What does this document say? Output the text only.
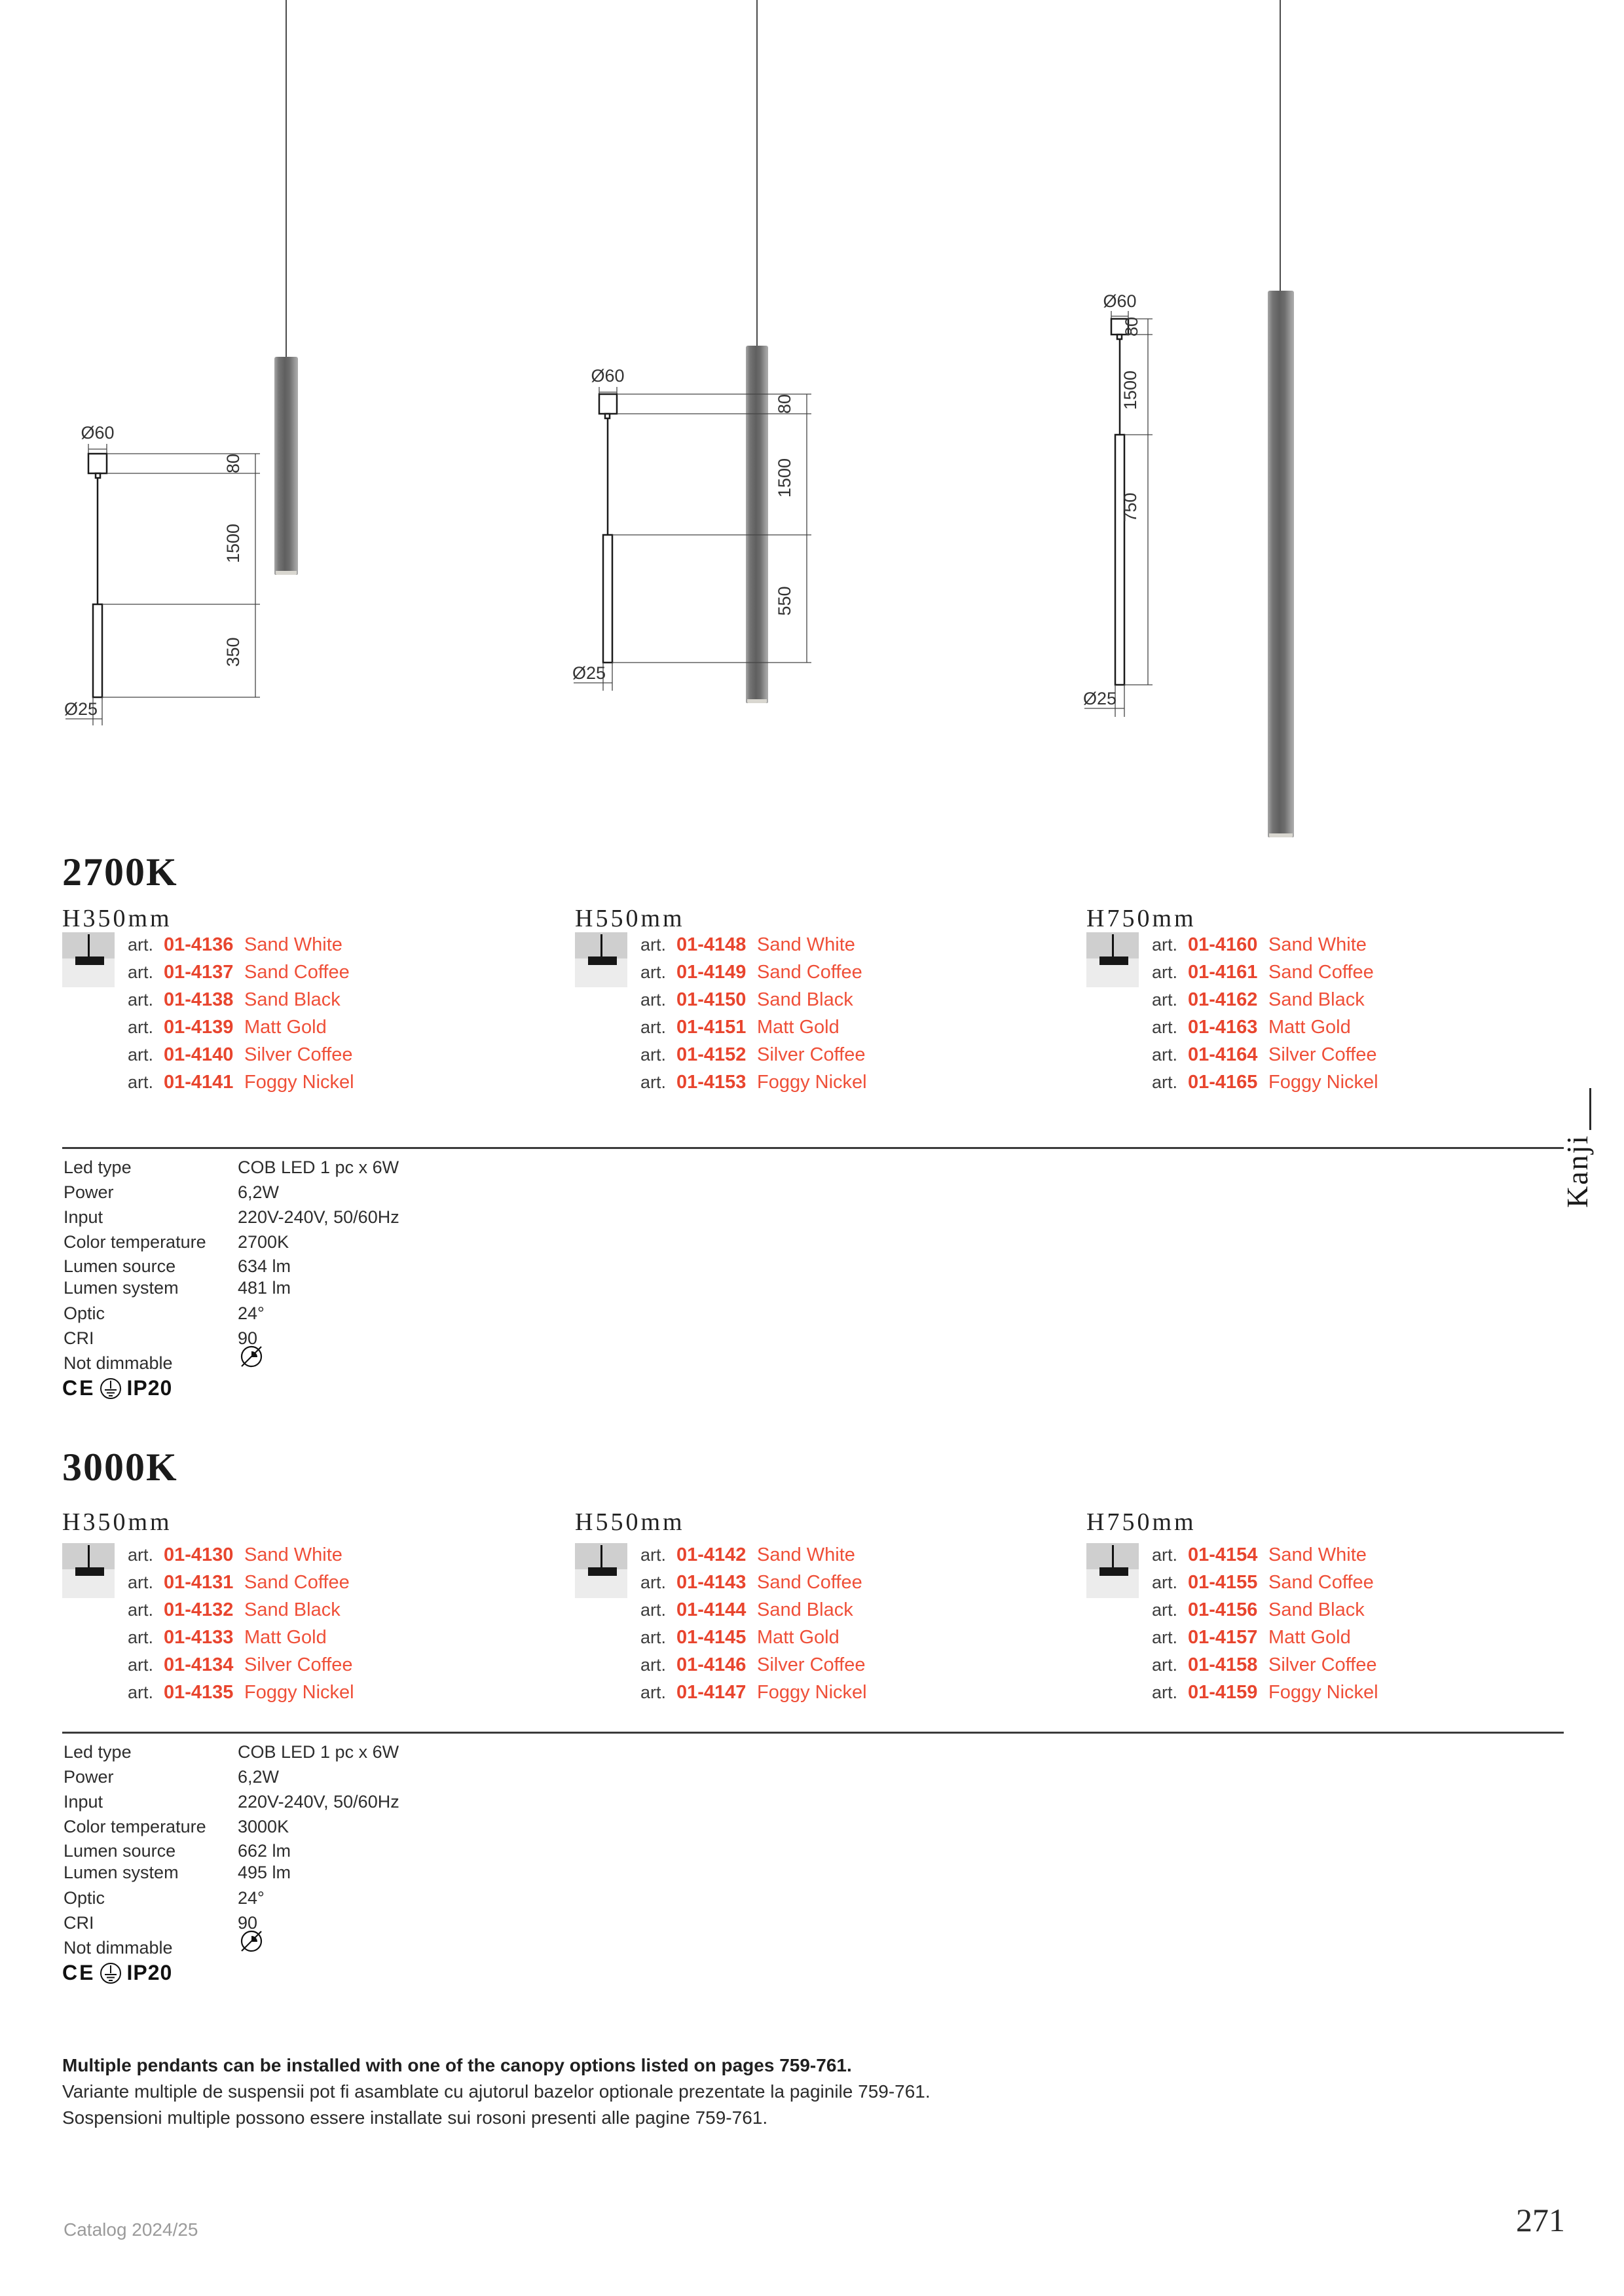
Ø60
80
1500
350
Ø25
Ø60
80
1500
550
Ø25
Ø60
80
1500
750
Ø25
2700K
H350mm	H550mm	H750mm
art. 01-4136 Sand White
art. 01-4137 Sand Coffee
art. 01-4138 Sand Black
art. 01-4139 Matt Gold
art. 01-4140 Silver Coffee
art. 01-4141 Foggy Nickel
art. 01-4148 Sand White
art. 01-4149 Sand Coffee
art. 01-4150 Sand Black
art. 01-4151 Matt Gold
art. 01-4152 Silver Coffee
art. 01-4153 Foggy Nickel
art. 01-4160 Sand White
art. 01-4161 Sand Coffee
art. 01-4162 Sand Black
art. 01-4163 Matt Gold
art. 01-4164 Silver Coffee
art. 01-4165 Foggy Nickel
Led type	COB LED 1 pc x 6W
Power	6,2W
Input	220V-240V, 50/60Hz
Color temperature 2700K
Lumen source	634 lm
Lumen system	481 lm
Optic	24°
CRI	90
Not dimmable
CE IP20
3000K
H350mm	H550mm	H750mm
art. 01-4130 Sand White
art. 01-4131 Sand Coffee
art. 01-4132 Sand Black
art. 01-4133 Matt Gold
art. 01-4134 Silver Coffee
art. 01-4135 Foggy Nickel
art. 01-4142 Sand White
art. 01-4143 Sand Coffee
art. 01-4144 Sand Black
art. 01-4145 Matt Gold
art. 01-4146 Silver Coffee
art. 01-4147 Foggy Nickel
art. 01-4154 Sand White
art. 01-4155 Sand Coffee
art. 01-4156 Sand Black
art. 01-4157 Matt Gold
art. 01-4158 Silver Coffee
art. 01-4159 Foggy Nickel
Led type	COB LED 1 pc x 6W
Power	6,2W
Input	220V-240V, 50/60Hz
Color temperature 3000K
Lumen source	662 lm
Lumen system	495 lm
Optic	24°
CRI	90
Not dimmable
CE IP20
Multiple pendants can be installed with one of the canopy options listed on pages 759-761.
Variante multiple de suspensii pot fi asamblate cu ajutorul bazelor optionale prezentate la paginile 759-761.
Sospensioni multiple possono essere installate sui rosoni presenti alle pagine 759-761.
Catalog 2024/25	271
Kanji
